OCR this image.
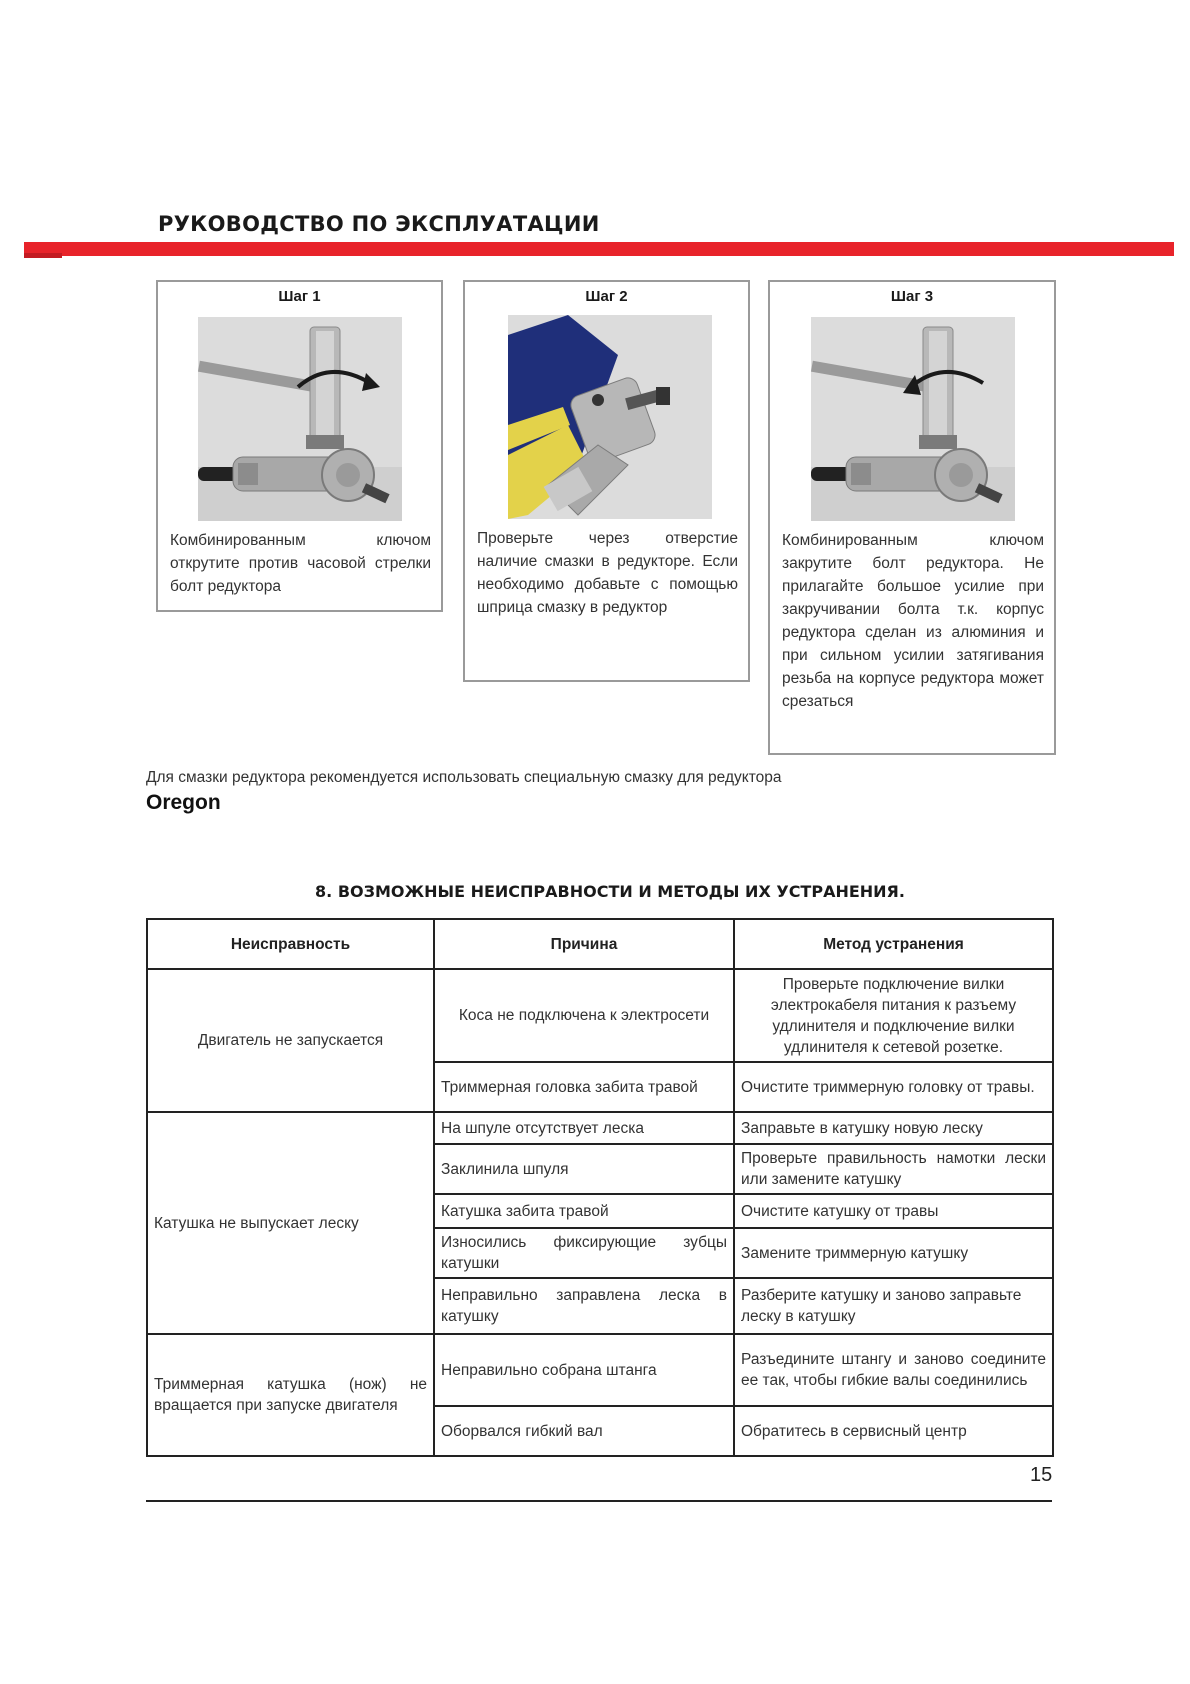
РУКОВОДСТВО ПО ЭКСПЛУАТАЦИИ
Шаг 1
Комбинированным ключом открутите против часовой стрелки болт редуктора
Шаг 2
Проверьте через отверстие наличие смазки в редукторе. Если необходимо добавьте с помощью шприца смазку в редуктор
Шаг 3
Комбинированным ключом закрутите болт редуктора. Не прилагайте большое усилие при закручивании болта т.к. корпус редуктора сделан из алюминия и при сильном усилии затягивания резьба на корпусе редуктора может срезаться
Для смазки редуктора рекомендуется использовать специальную смазку для редуктора
Oregon
8. ВОЗМОЖНЫЕ НЕИСПРАВНОСТИ И МЕТОДЫ ИХ УСТРАНЕНИЯ.
Неисправность	Причина	Метод устранения
Двигатель не запускается	Коса не подключена к электросети	Проверьте подключение вилки электрокабеля питания к разъему удлинителя и подключение вилки удлинителя к сетевой розетке.
	Триммерная головка забита травой	Очистите триммерную головку от травы.
Катушка не выпускает леску	На шпуле отсутствует леска	Заправьте в катушку новую леску
	Заклинила шпуля	Проверьте правильность намотки лески или замените катушку
	Катушка забита травой	Очистите катушку от травы
	Износились фиксирующие зубцы катушки	Замените триммерную катушку
	Неправильно заправлена леска в катушку	Разберите катушку и заново заправьте леску в катушку
Триммерная катушка (нож) не вращается при запуске двигателя	Неправильно собрана штанга	Разъедините штангу и заново соедините ее так, чтобы гибкие валы соединились
	Оборвался гибкий вал	Обратитесь в сервисный центр
15
